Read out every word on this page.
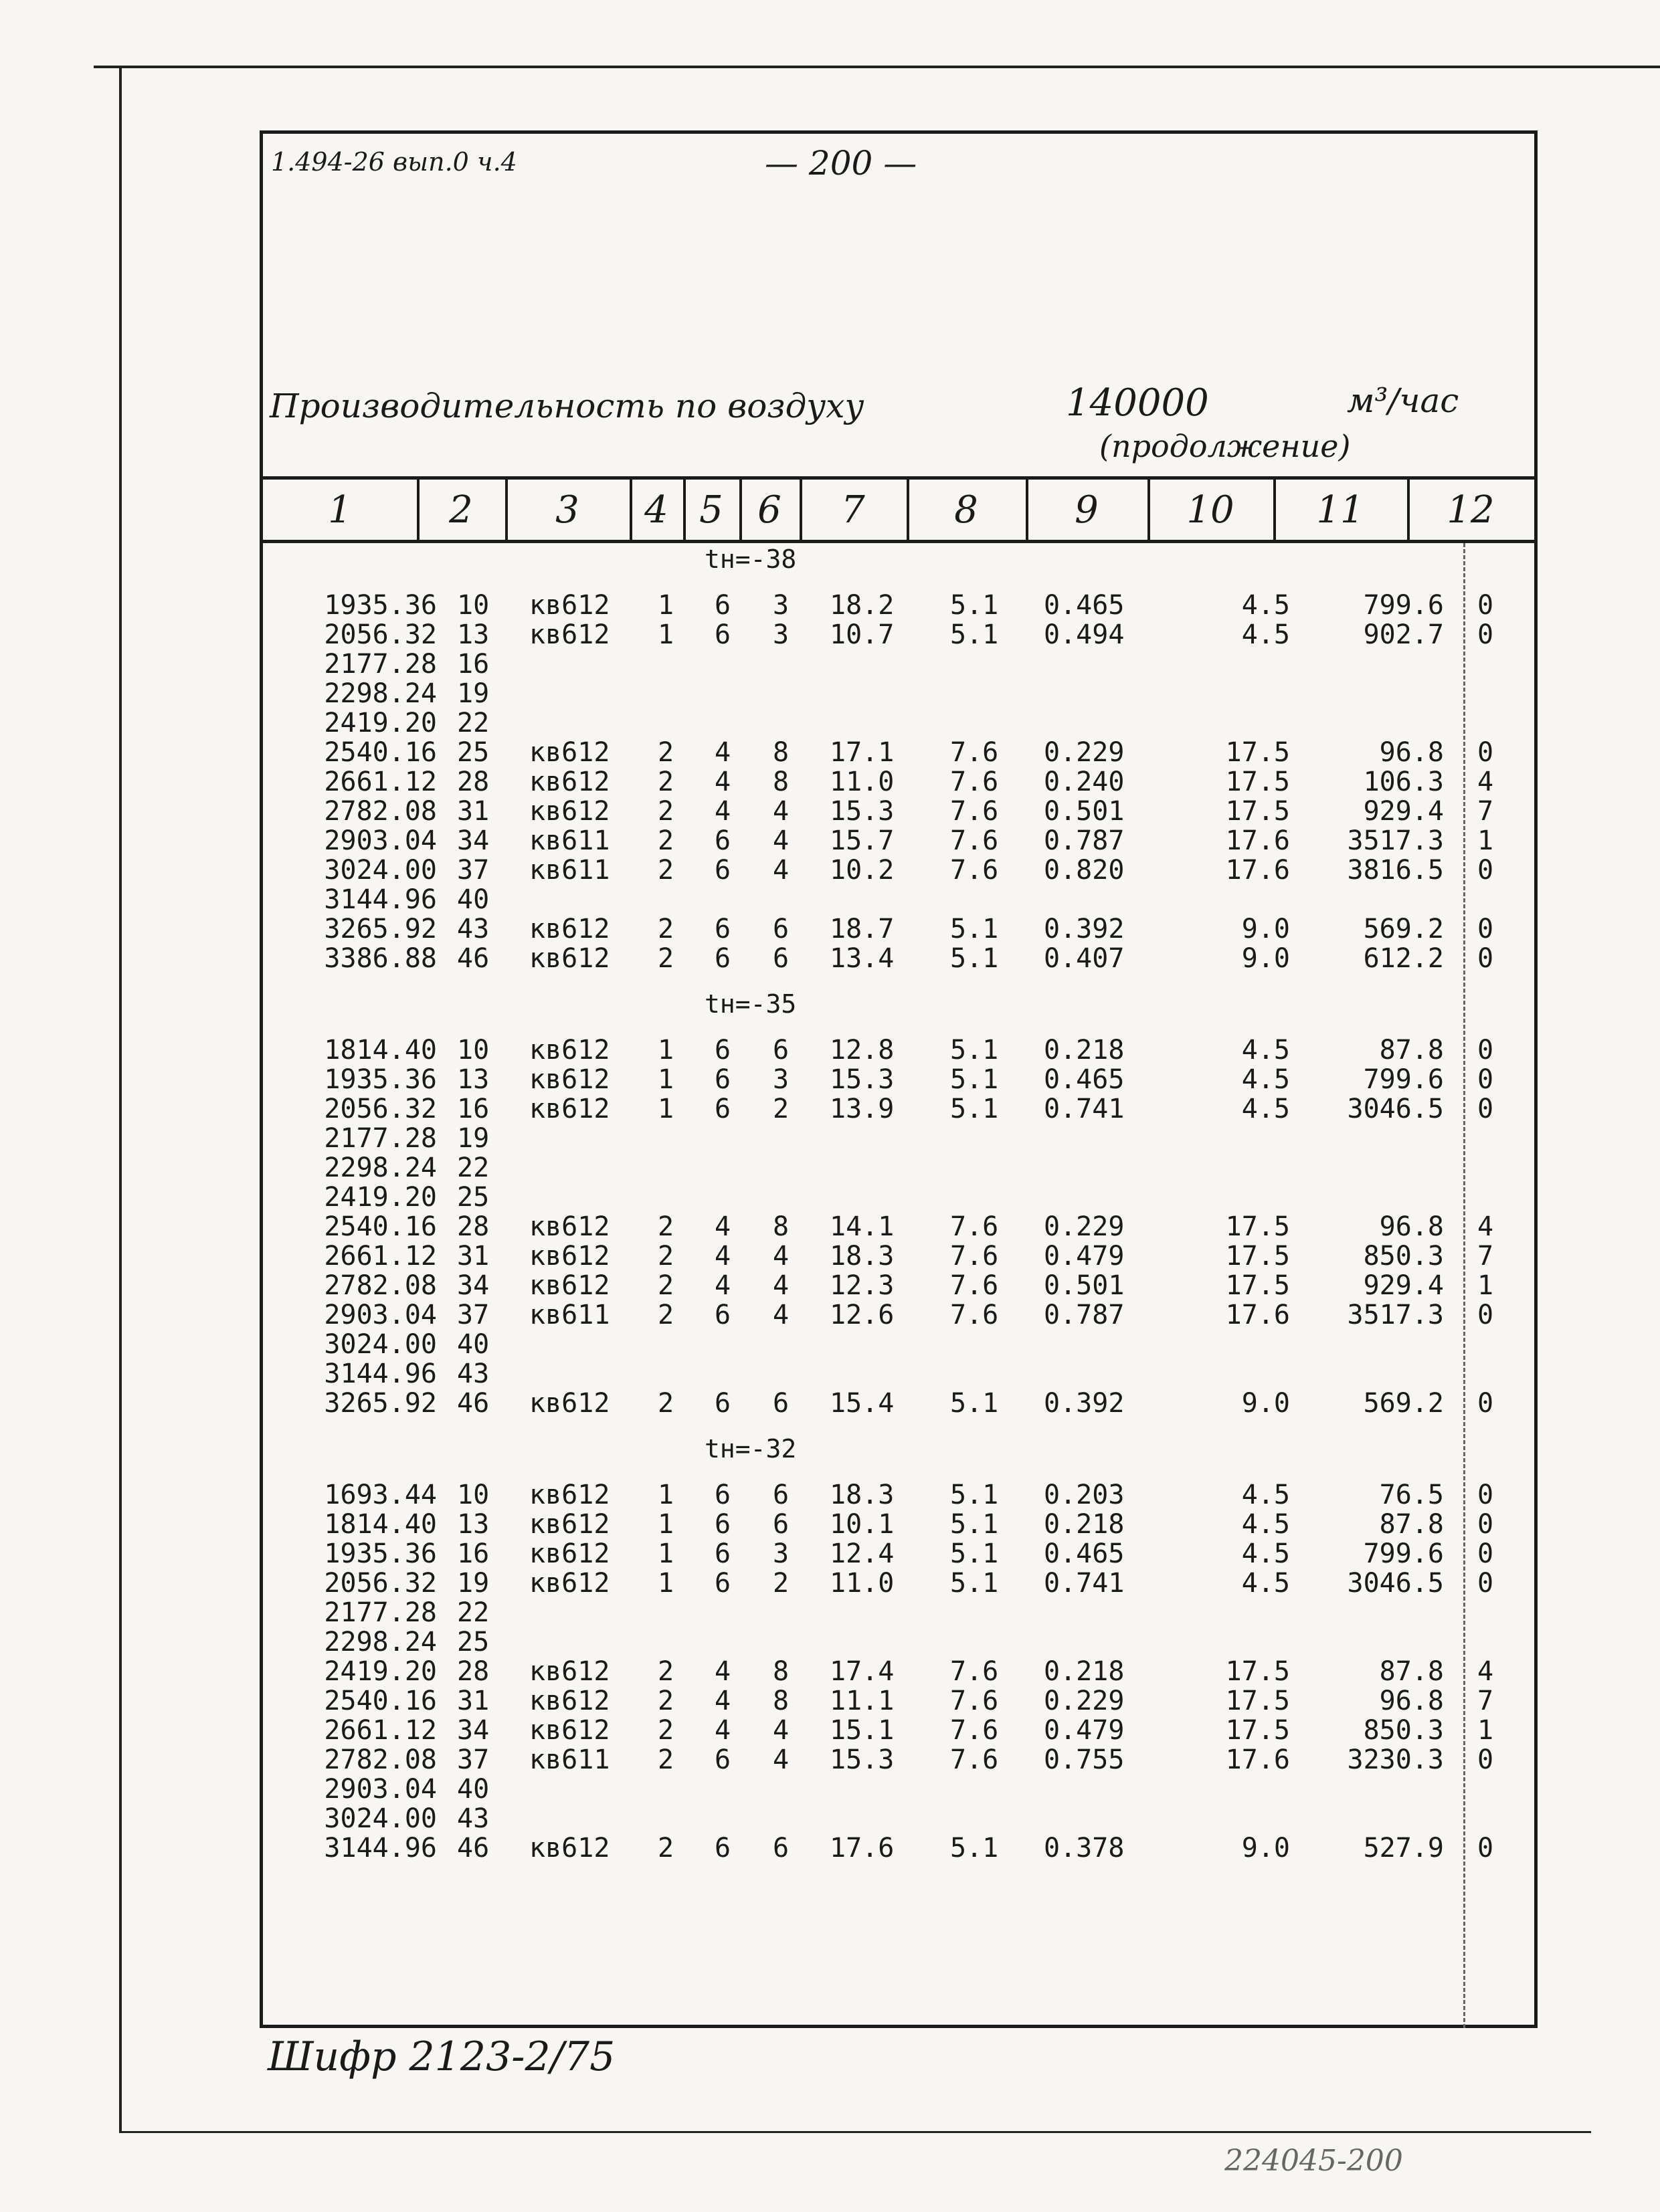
1.494-26 вып.0 ч.4	— 200 —
Производительность по воздуху	140000	м³/час
(продолжение)
1	2	3	4 5 6	7	8	9	10	11	12
tн=-38
1935.36 10 кв612 1 6 3 18.2 5.1 0.465	4.5	799.6 0
2056.32 13 кв612 1 6 3 10.7 5.1 0.494	4.5	902.7 0
2177.28 16
2298.24 19
2419.20 22
2540.16 25 кв612 2 4 8 17.1 7.6 0.229	17.5	96.8 0
2661.12 28 кв612 2 4 8 11.0 7.6 0.240	17.5	106.3 4
2782.08 31 кв612 2 4 4 15.3 7.6 0.501	17.5	929.4 7
2903.04 34 кв611 2 6 4 15.7 7.6 0.787	17.6	3517.3 1
3024.00 37 кв611 2 6 4 10.2 7.6 0.820	17.6	3816.5 0
3144.96 40
3265.92 43 кв612 2 6 6 18.7 5.1 0.392	9.0	569.2 0
3386.88 46 кв612 2 6 6 13.4 5.1 0.407	9.0	612.2 0
tн=-35
1814.40 10 кв612 1 6 6 12.8 5.1 0.218	4.5	87.8 0
1935.36 13 кв612 1 6 3 15.3 5.1 0.465	4.5	799.6 0
2056.32 16 кв612 1 6 2 13.9 5.1 0.741	4.5	3046.5 0
2177.28 19
2298.24 22
2419.20 25
2540.16 28 кв612 2 4 8 14.1 7.6 0.229	17.5	96.8 4
2661.12 31 кв612 2 4 4 18.3 7.6 0.479	17.5	850.3 7
2782.08 34 кв612 2 4 4 12.3 7.6 0.501	17.5	929.4 1
2903.04 37 кв611 2 6 4 12.6 7.6 0.787	17.6	3517.3 0
3024.00 40
3144.96 43
3265.92 46 кв612 2 6 6 15.4 5.1 0.392	9.0	569.2 0
tн=-32
1693.44 10 кв612 1 6 6 18.3 5.1 0.203	4.5	76.5 0
1814.40 13 кв612 1 6 6 10.1 5.1 0.218	4.5	87.8 0
1935.36 16 кв612 1 6 3 12.4 5.1 0.465	4.5	799.6 0
2056.32 19 кв612 1 6 2 11.0 5.1 0.741	4.5	3046.5 0
2177.28 22
2298.24 25
2419.20 28 кв612 2 4 8 17.4 7.6 0.218	17.5	87.8 4
2540.16 31 кв612 2 4 8 11.1 7.6 0.229	17.5	96.8 7
2661.12 34 кв612 2 4 4 15.1 7.6 0.479	17.5	850.3 1
2782.08 37 кв611 2 6 4 15.3 7.6 0.755	17.6	3230.3 0
2903.04 40
3024.00 43
3144.96 46 кв612 2 6 6 17.6 5.1 0.378	9.0	527.9 0
Шифр 2123-2/75
224045-200
